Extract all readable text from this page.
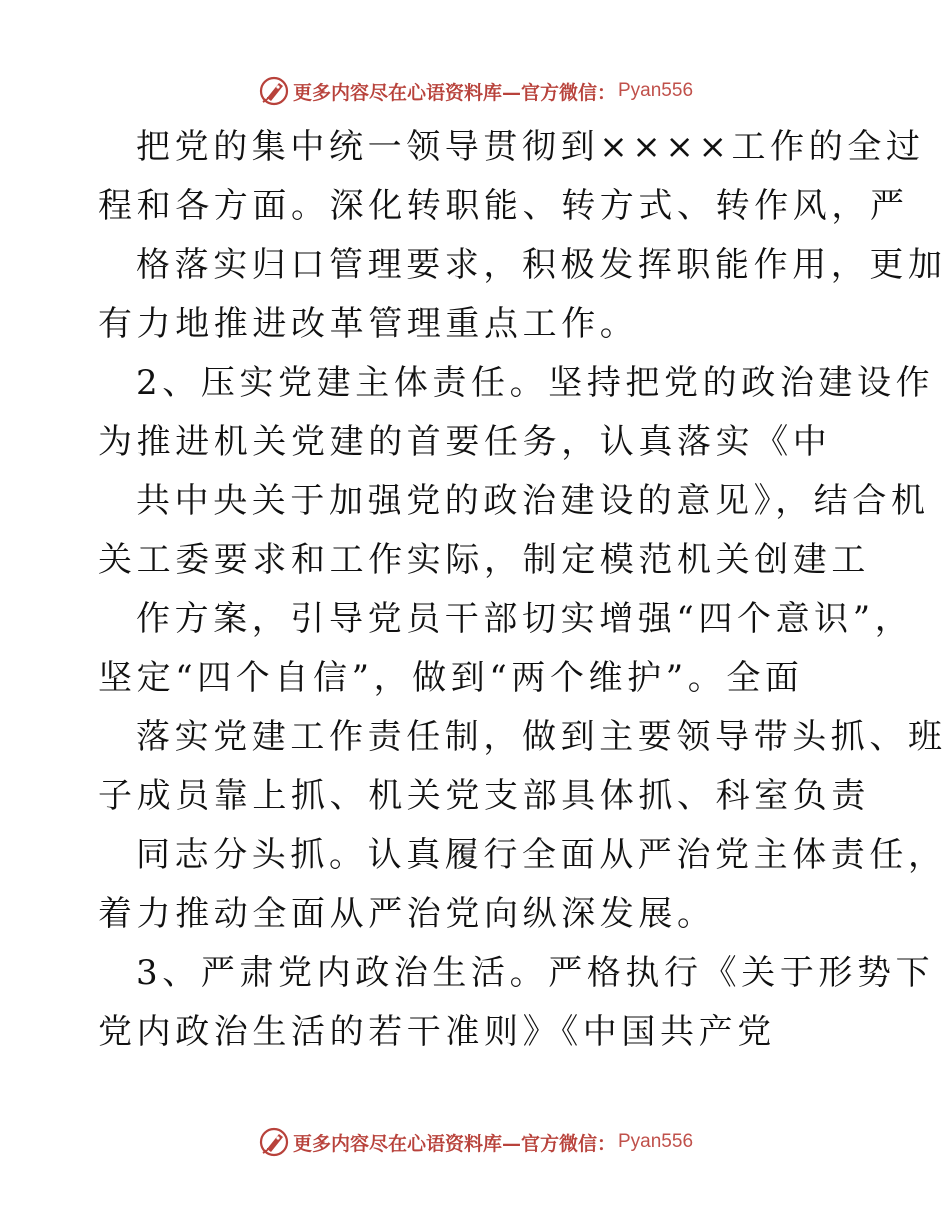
更多内容尽在心语资料库—官方微信： Pyan556
把党的集中统一领导贯彻到××××工作的全过
程和各方面。深化转职能、转方式、转作风，严
格落实归口管理要求，积极发挥职能作用，更加
有力地推进改革管理重点工作。
2、压实党建主体责任。坚持把党的政治建设作
为推进机关党建的首要任务，认真落实《中
共中央关于加强党的政治建设的意见》，结合机
关工委要求和工作实际，制定模范机关创建工
作方案，引导党员干部切实增强“四个意识”，
坚定“四个自信”，做到“两个维护”。全面
落实党建工作责任制，做到主要领导带头抓、班
子成员靠上抓、机关党支部具体抓、科室负责
同志分头抓。认真履行全面从严治党主体责任，
着力推动全面从严治党向纵深发展。
3、严肃党内政治生活。严格执行《关于形势下
党内政治生活的若干准则》《中国共产党
更多内容尽在心语资料库—官方微信： Pyan556
